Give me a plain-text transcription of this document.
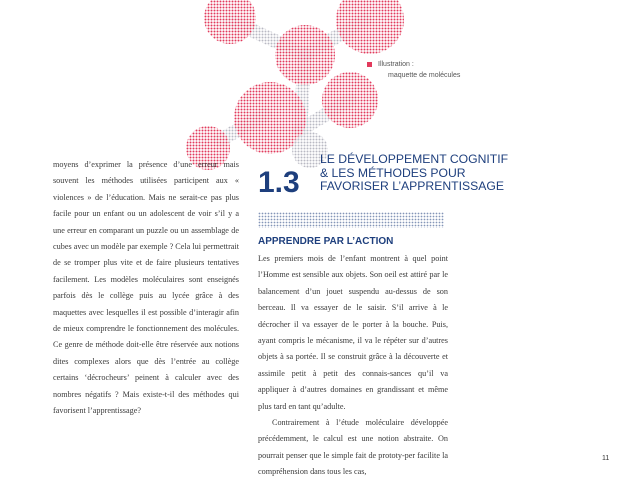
Illustration :
maquette de molécules

moyens d’exprimer la présence d’une erreur mais souvent les méthodes utilisées participent aux « violences » de l’éducation. Mais ne serait-ce pas plus facile pour un enfant ou un adolescent de voir s’il y a une erreur en comparant un puzzle ou un assemblage de cubes avec un modèle par exemple ? Cela lui permettrait de se tromper plus vite et de faire plusieurs tentatives facilement. Les modèles moléculaires sont enseignés parfois dès le collège puis au lycée grâce à des maquettes avec lesquelles il est possible d’interagir afin de mieux comprendre le fonctionnement des molécules. Ce genre de méthode doit-elle être réservée aux notions dites complexes alors que dès l’entrée au collège certains ‘décrocheurs’ peinent à calculer avec des nombres négatifs ? Mais existe-t-il des méthodes qui favorisent l’apprentissage?

1.3
LE DÉVELOPPEMENT COGNITIF
& LES MÉTHODES POUR
FAVORISER L’APPRENTISSAGE
APPRENDRE PAR L’ACTION

Les premiers mois de l’enfant montrent à quel point l’Homme est sensible aux objets. Son oeil est attiré par le balancement d’un jouet suspendu au-dessus de son berceau. Il va essayer de le saisir. S’il arrive à le décrocher il va essayer de le porter à la bouche. Puis, ayant compris le mécanisme, il va le répéter sur d’autres objets à sa portée. Il se construit grâce à la découverte et assimile petit à petit des connais-sances qu’il va appliquer à d’autres domaines en grandissant et même plus tard en tant qu’adulte.

Contrairement à l’étude moléculaire développée précédemment, le calcul est une notion abstraite. On pourrait penser que le simple fait de prototy-per facilite la compréhension dans tous les cas,

11
